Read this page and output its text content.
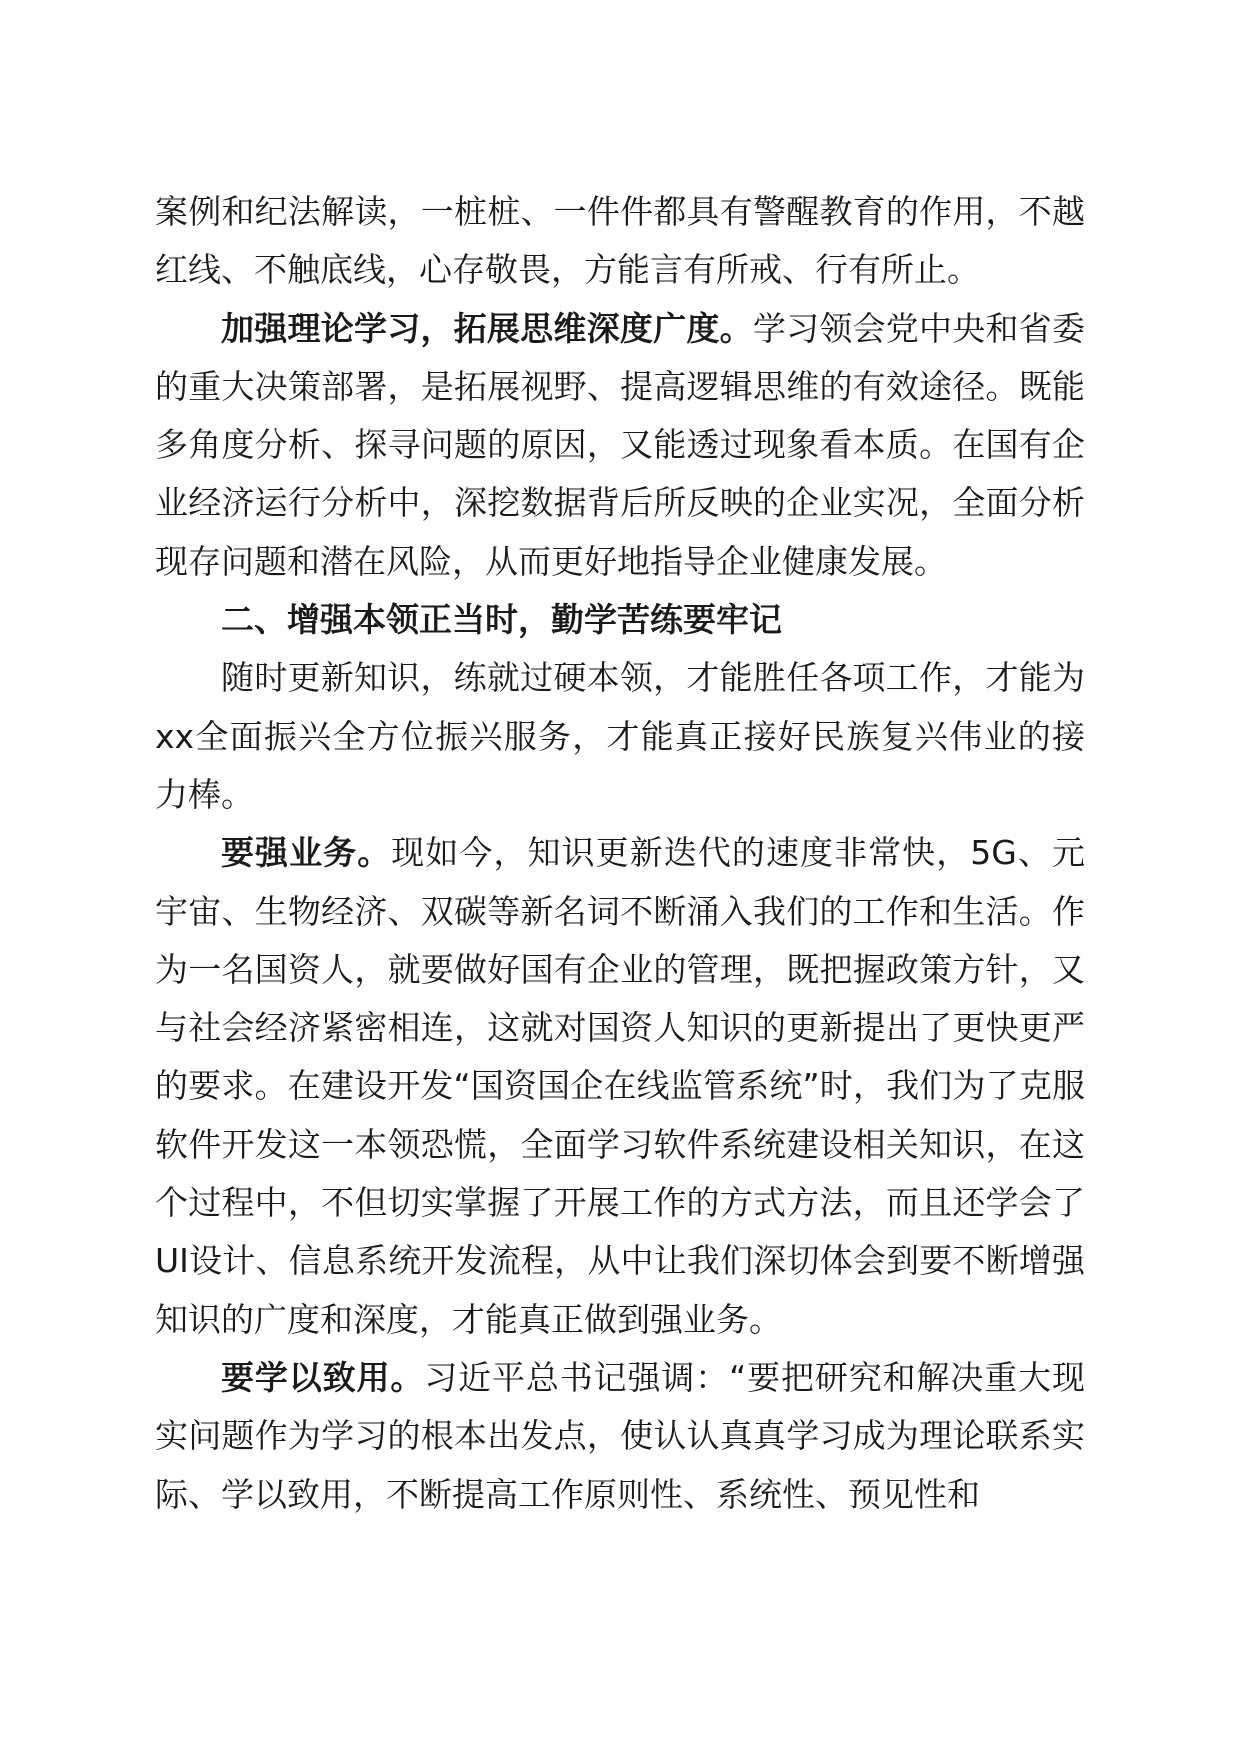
案例和纪法解读，一桩桩、一件件都具有警醒教育的作用，不越红线、不触底线，心存敬畏，方能言有所戒、行有所止。

加强理论学习，拓展思维深度广度。学习领会党中央和省委的重大决策部署，是拓展视野、提高逻辑思维的有效途径。既能多角度分析、探寻问题的原因，又能透过现象看本质。在国有企业经济运行分析中，深挖数据背后所反映的企业实况，全面分析现存问题和潜在风险，从而更好地指导企业健康发展。

二、增强本领正当时，勤学苦练要牢记

随时更新知识，练就过硬本领，才能胜任各项工作，才能为xx全面振兴全方位振兴服务，才能真正接好民族复兴伟业的接力棒。

要强业务。现如今，知识更新迭代的速度非常快，5G、元宇宙、生物经济、双碳等新名词不断涌入我们的工作和生活。作为一名国资人，就要做好国有企业的管理，既把握政策方针，又与社会经济紧密相连，这就对国资人知识的更新提出了更快更严的要求。在建设开发“国资国企在线监管系统”时，我们为了克服软件开发这一本领恐慌，全面学习软件系统建设相关知识，在这个过程中，不但切实掌握了开展工作的方式方法，而且还学会了UI设计、信息系统开发流程，从中让我们深切体会到要不断增强知识的广度和深度，才能真正做到强业务。

要学以致用。习近平总书记强调：“要把研究和解决重大现实问题作为学习的根本出发点，使认认真真学习成为理论联系实际、学以致用，不断提高工作原则性、系统性、预见性和
